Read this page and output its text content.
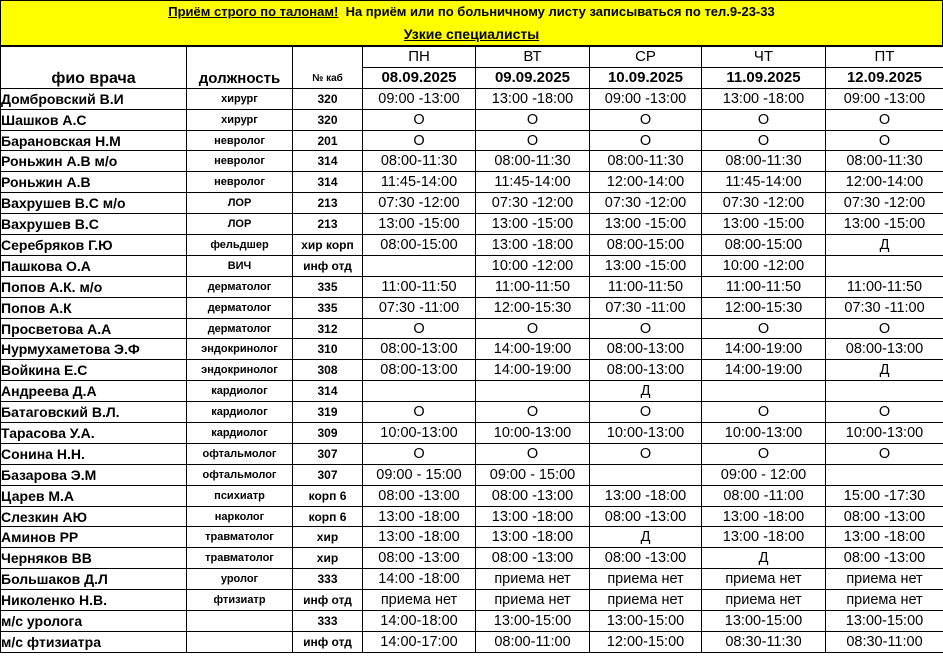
Приём строго по талонам!  На приём или по больничному листу записываться по тел.9-23-33
Узкие специалисты
фио врача	должность	№ каб	ПН	ВТ	СР	ЧТ	ПТ
			08.09.2025	09.09.2025	10.09.2025	11.09.2025	12.09.2025
Домбровский В.И	хирург	320	09:00 -13:00	13:00 -18:00	09:00 -13:00	13:00 -18:00	09:00 -13:00
Шашков А.С	хирург	320	О	О	О	О	О
Барановская Н.М	невролог	201	О	О	О	О	О
Роньжин А.В м/о	невролог	314	08:00-11:30	08:00-11:30	08:00-11:30	08:00-11:30	08:00-11:30
Роньжин А.В	невролог	314	11:45-14:00	11:45-14:00	12:00-14:00	11:45-14:00	12:00-14:00
Вахрушев В.С м/о	ЛОР	213	07:30 -12:00	07:30 -12:00	07:30 -12:00	07:30 -12:00	07:30 -12:00
Вахрушев В.С	ЛОР	213	13:00 -15:00	13:00 -15:00	13:00 -15:00	13:00 -15:00	13:00 -15:00
Серебряков Г.Ю	фельдшер	хир корп	08:00-15:00	13:00 -18:00	08:00-15:00	08:00-15:00	Д
Пашкова О.А	ВИЧ	инф отд		10:00 -12:00	13:00 -15:00	10:00 -12:00	
Попов А.К. м/о	дерматолог	335	11:00-11:50	11:00-11:50	11:00-11:50	11:00-11:50	11:00-11:50
Попов А.К	дерматолог	335	07:30 -11:00	12:00-15:30	07:30 -11:00	12:00-15:30	07:30 -11:00
Просветова А.А	дерматолог	312	О	О	О	О	О
Нурмухаметова Э.Ф	эндокринолог	310	08:00-13:00	14:00-19:00	08:00-13:00	14:00-19:00	08:00-13:00
Войкина Е.С	эндокринолог	308	08:00-13:00	14:00-19:00	08:00-13:00	14:00-19:00	Д
Андреева Д.А	кардиолог	314			Д		
Батаговский В.Л.	кардиолог	319	О	О	О	О	О
Тарасова У.А.	кардиолог	309	10:00-13:00	10:00-13:00	10:00-13:00	10:00-13:00	10:00-13:00
Сонина Н.Н.	офтальмолог	307	О	О	О	О	О
Базарова Э.М	офтальмолог	307	09:00 - 15:00	09:00 - 15:00		09:00 - 12:00	
Царев М.А	психиатр	корп 6	08:00 -13:00	08:00 -13:00	13:00 -18:00	08:00 -11:00	15:00 -17:30
Слезкин АЮ	нарколог	корп 6	13:00 -18:00	13:00 -18:00	08:00 -13:00	13:00 -18:00	08:00 -13:00
Аминов РР	травматолог	хир	13:00 -18:00	13:00 -18:00	Д	13:00 -18:00	13:00 -18:00
Черняков ВВ	травматолог	хир	08:00 -13:00	08:00 -13:00	08:00 -13:00	Д	08:00 -13:00
Большаков Д.Л	уролог	333	14:00 -18:00	приема нет	приема нет	приема нет	приема нет
Николенко Н.В.	фтизиатр	инф отд	приема нет	приема нет	приема нет	приема нет	приема нет
м/с уролога		333	14:00-18:00	13:00-15:00	13:00-15:00	13:00-15:00	13:00-15:00
м/с фтизиатра		инф отд	14:00-17:00	08:00-11:00	12:00-15:00	08:30-11:30	08:30-11:00
